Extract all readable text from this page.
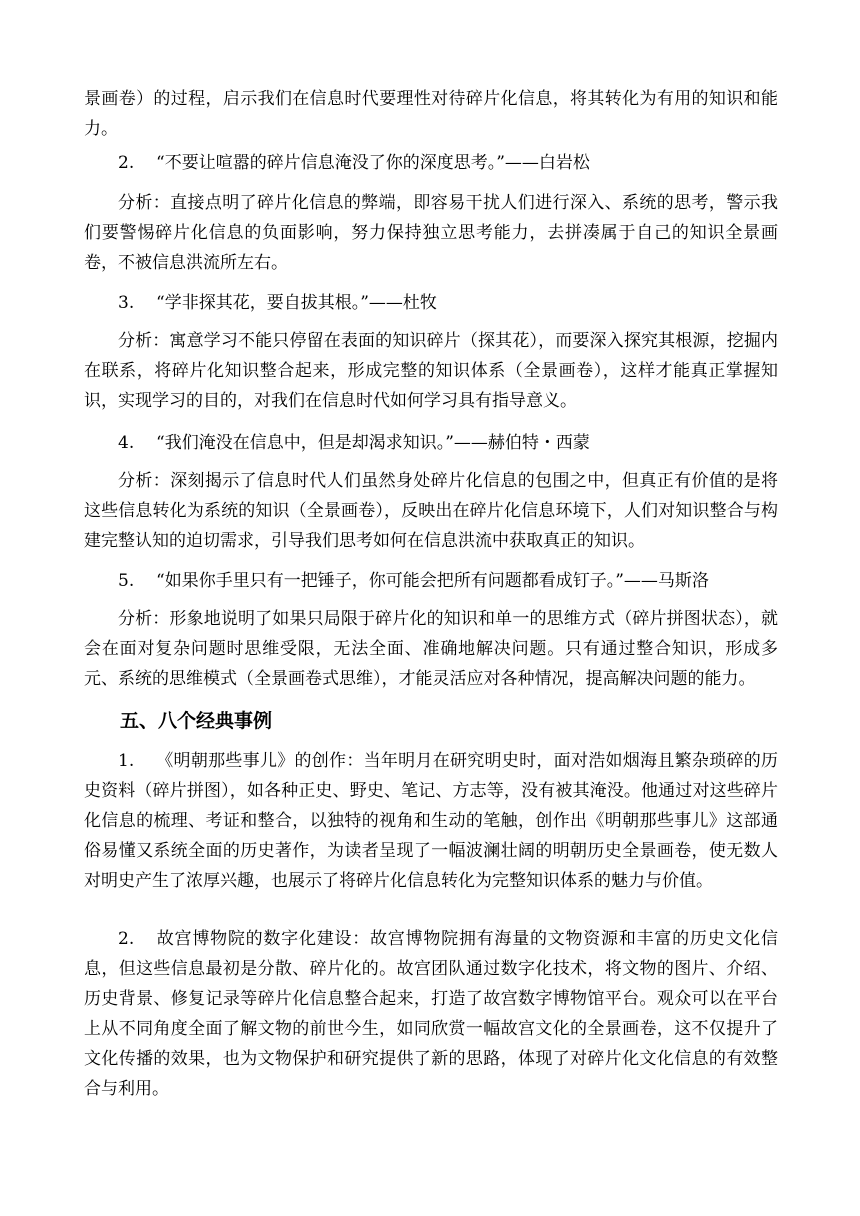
景画卷）的过程，启示我们在信息时代要理性对待碎片化信息，将其转化为有用的知识和能力。
2. “不要让喧嚣的碎片信息淹没了你的深度思考。”——白岩松
分析：直接点明了碎片化信息的弊端，即容易干扰人们进行深入、系统的思考，警示我们要警惕碎片化信息的负面影响，努力保持独立思考能力，去拼凑属于自己的知识全景画卷，不被信息洪流所左右。
3. “学非探其花，要自拔其根。”——杜牧
分析：寓意学习不能只停留在表面的知识碎片（探其花），而要深入探究其根源，挖掘内在联系，将碎片化知识整合起来，形成完整的知识体系（全景画卷），这样才能真正掌握知识，实现学习的目的，对我们在信息时代如何学习具有指导意义。
4. “我们淹没在信息中，但是却渴求知识。”——赫伯特・西蒙
分析：深刻揭示了信息时代人们虽然身处碎片化信息的包围之中，但真正有价值的是将这些信息转化为系统的知识（全景画卷），反映出在碎片化信息环境下，人们对知识整合与构建完整认知的迫切需求，引导我们思考如何在信息洪流中获取真正的知识。
5. “如果你手里只有一把锤子，你可能会把所有问题都看成钉子。”——马斯洛
分析：形象地说明了如果只局限于碎片化的知识和单一的思维方式（碎片拼图状态），就会在面对复杂问题时思维受限，无法全面、准确地解决问题。只有通过整合知识，形成多元、系统的思维模式（全景画卷式思维），才能灵活应对各种情况，提高解决问题的能力。
五、八个经典事例
1. 《明朝那些事儿》的创作：当年明月在研究明史时，面对浩如烟海且繁杂琐碎的历史资料（碎片拼图），如各种正史、野史、笔记、方志等，没有被其淹没。他通过对这些碎片化信息的梳理、考证和整合，以独特的视角和生动的笔触，创作出《明朝那些事儿》这部通俗易懂又系统全面的历史著作，为读者呈现了一幅波澜壮阔的明朝历史全景画卷，使无数人对明史产生了浓厚兴趣，也展示了将碎片化信息转化为完整知识体系的魅力与价值。
2. 故宫博物院的数字化建设：故宫博物院拥有海量的文物资源和丰富的历史文化信息，但这些信息最初是分散、碎片化的。故宫团队通过数字化技术，将文物的图片、介绍、历史背景、修复记录等碎片化信息整合起来，打造了故宫数字博物馆平台。观众可以在平台上从不同角度全面了解文物的前世今生，如同欣赏一幅故宫文化的全景画卷，这不仅提升了文化传播的效果，也为文物保护和研究提供了新的思路，体现了对碎片化文化信息的有效整合与利用。
